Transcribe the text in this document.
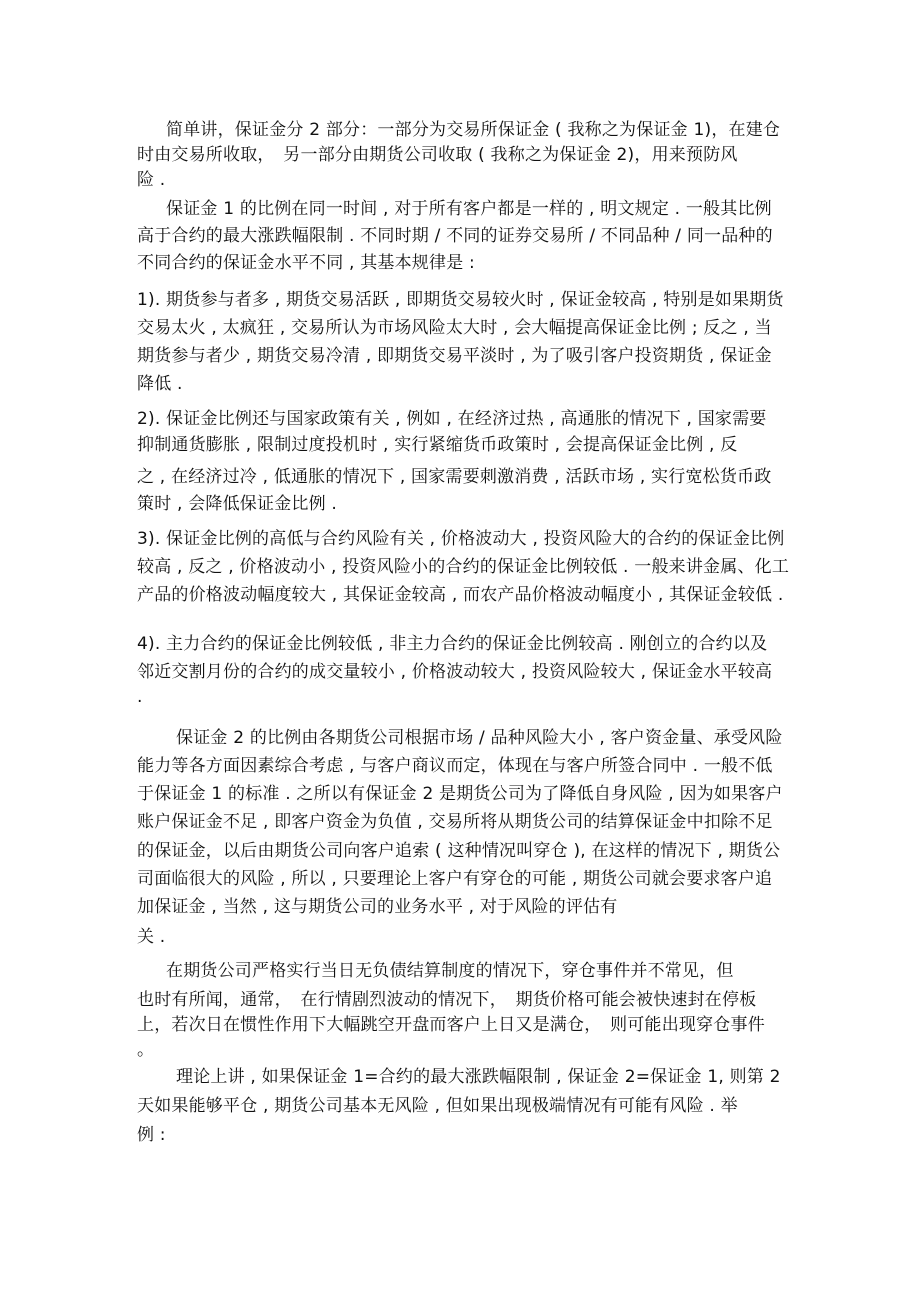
简单讲，保证金分 2 部分：一部分为交易所保证金 ( 我称之为保证金 1)，在建仓
时由交易所收取，　另一部分由期货公司收取 ( 我称之为保证金 2)，用来预防风
险 .
保证金 1 的比例在同一时间 , 对于所有客户都是一样的 , 明文规定 . 一般其比例
高于合约的最大涨跌幅限制 . 不同时期 / 不同的证券交易所 / 不同品种 / 同一品种的
不同合约的保证金水平不同 , 其基本规律是 :
1). 期货参与者多 , 期货交易活跃 , 即期货交易较火时 , 保证金较高 , 特别是如果期货
交易太火 , 太疯狂 , 交易所认为市场风险太大时 , 会大幅提高保证金比例 ; 反之 , 当
期货参与者少 , 期货交易冷清 , 即期货交易平淡时 , 为了吸引客户投资期货 , 保证金
降低 .
2). 保证金比例还与国家政策有关 , 例如 , 在经济过热 , 高通胀的情况下 , 国家需要
抑制通货膨胀 , 限制过度投机时 , 实行紧缩货币政策时 , 会提高保证金比例 , 反
之 , 在经济过冷 , 低通胀的情况下 , 国家需要刺激消费 , 活跃市场 , 实行宽松货币政
策时 , 会降低保证金比例 .
3). 保证金比例的高低与合约风险有关 , 价格波动大 , 投资风险大的合约的保证金比例
较高 , 反之 , 价格波动小 , 投资风险小的合约的保证金比例较低 . 一般来讲金属、化工
产品的价格波动幅度较大 , 其保证金较高 , 而农产品价格波动幅度小 , 其保证金较低 .
4). 主力合约的保证金比例较低 , 非主力合约的保证金比例较高 . 刚创立的合约以及
邻近交割月份的合约的成交量较小 , 价格波动较大 , 投资风险较大 , 保证金水平较高
.
保证金 2 的比例由各期货公司根据市场 / 品种风险大小 , 客户资金量、承受风险
能力等各方面因素综合考虑 , 与客户商议而定，体现在与客户所签合同中 . 一般不低
于保证金 1 的标准 . 之所以有保证金 2 是期货公司为了降低自身风险 , 因为如果客户
账户保证金不足 , 即客户资金为负值 , 交易所将从期货公司的结算保证金中扣除不足
的保证金，以后由期货公司向客户追索 ( 这种情况叫穿仓 ), 在这样的情况下 , 期货公
司面临很大的风险 , 所以 , 只要理论上客户有穿仓的可能 , 期货公司就会要求客户追
加保证金 , 当然 , 这与期货公司的业务水平 , 对于风险的评估有
关 .
在期货公司严格实行当日无负债结算制度的情况下，穿仓事件并不常见，但
也时有所闻，通常，　在行情剧烈波动的情况下，　期货价格可能会被快速封在停板
上，若次日在惯性作用下大幅跳空开盘而客户上日又是满仓，　则可能出现穿仓事件
。
理论上讲 , 如果保证金 1=合约的最大涨跌幅限制 , 保证金 2=保证金 1, 则第 2
天如果能够平仓 , 期货公司基本无风险 , 但如果出现极端情况有可能有风险 . 举
例 :
